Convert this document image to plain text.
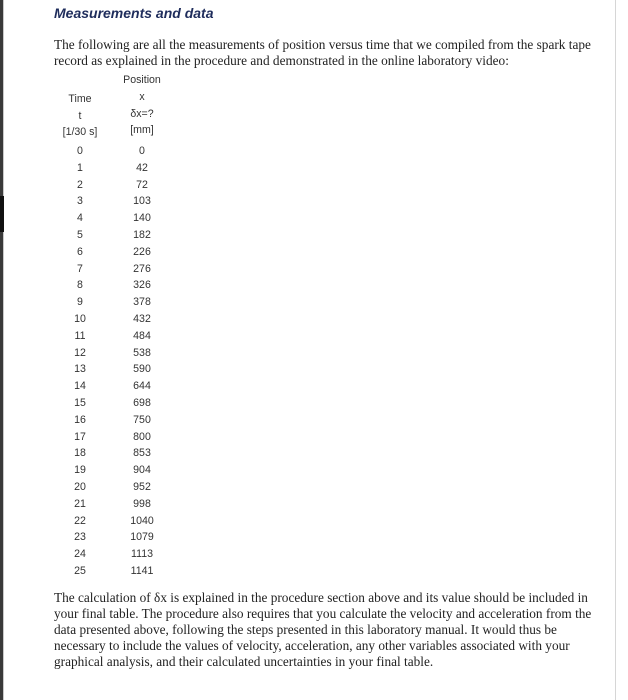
Measurements and data

The following are all the measurements of position versus time that we compiled from the spark tape record as explained in the procedure and demonstrated in the online laboratory video:

Position
Time	x
t	δx=?
[1/30 s]	[mm]
0	0
1	42
2	72
3	103
4	140
5	182
6	226
7	276
8	326
9	378
10	432
11	484
12	538
13	590
14	644
15	698
16	750
17	800
18	853
19	904
20	952
21	998
22	1040
23	1079
24	1113
25	1141

The calculation of δx is explained in the procedure section above and its value should be included in your final table. The procedure also requires that you calculate the velocity and acceleration from the data presented above, following the steps presented in this laboratory manual. It would thus be necessary to include the values of velocity, acceleration, any other variables associated with your graphical analysis, and their calculated uncertainties in your final table.
